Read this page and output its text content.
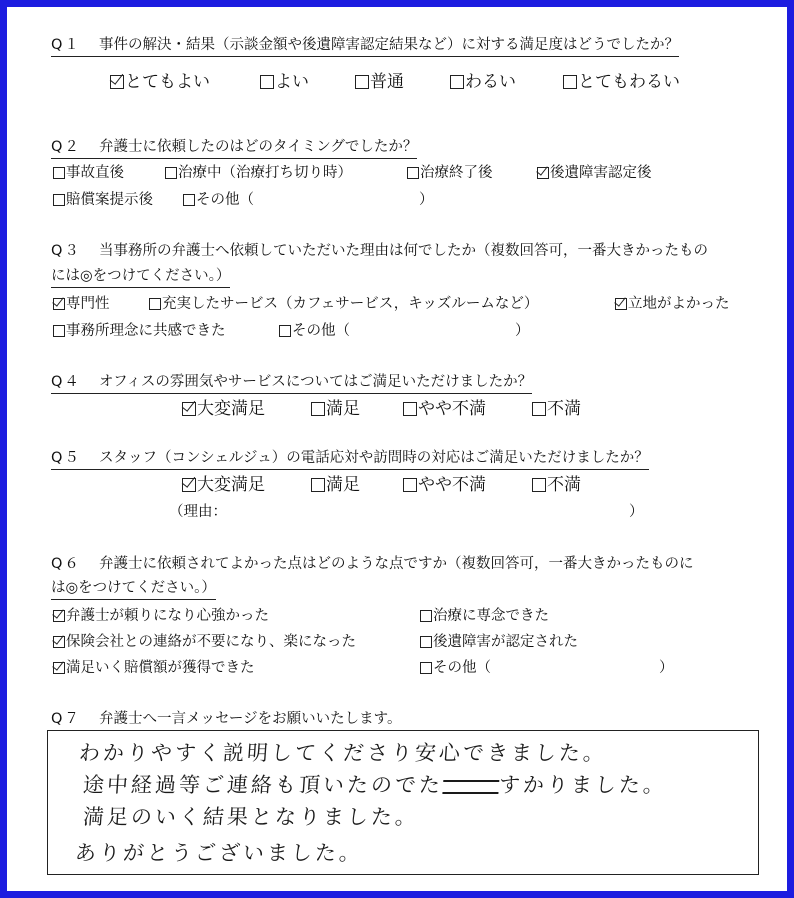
Q１ 事件の解決・結果（示談金額や後遺障害認定結果など）に対する満足度はどうでしたか？
とてもよい	よい	普通	わるい	とてもわるい
Q２ 弁護士に依頼したのはどのタイミングでしたか？
事故直後	治療中（治療打ち切り時）	治療終了後	後遺障害認定後
賠償案提示後	その他（	）
Q３ 当事務所の弁護士へ依頼していただいた理由は何でしたか（複数回答可，一番大きかったもの
には◎をつけてください。）
専門性	充実したサービス（カフェサービス，キッズルームなど）	立地がよかった
事務所理念に共感できた	その他（	）
Q４ オフィスの雰囲気やサービスについてはご満足いただけましたか？
大変満足	満足	やや不満	不満
Q５ スタッフ（コンシェルジュ）の電話応対や訪問時の対応はご満足いただけましたか？
大変満足	満足	やや不満	不満
（理由：	）
Q６ 弁護士に依頼されてよかった点はどのような点ですか（複数回答可，一番大きかったものに
は◎をつけてください。）
弁護士が頼りになり心強かった	治療に専念できた
保険会社との連絡が不要になり、楽になった	後遺障害が認定された
満足いく賠償額が獲得できた	その他（	）
Q７ 弁護士へ一言メッセージをお願いいたします。
わかりやすく説明してくださり安心できました。
途中経過等ご連絡も頂いたのでた	すかりました。
満足のいく結果となりました。
ありがとうございました。
